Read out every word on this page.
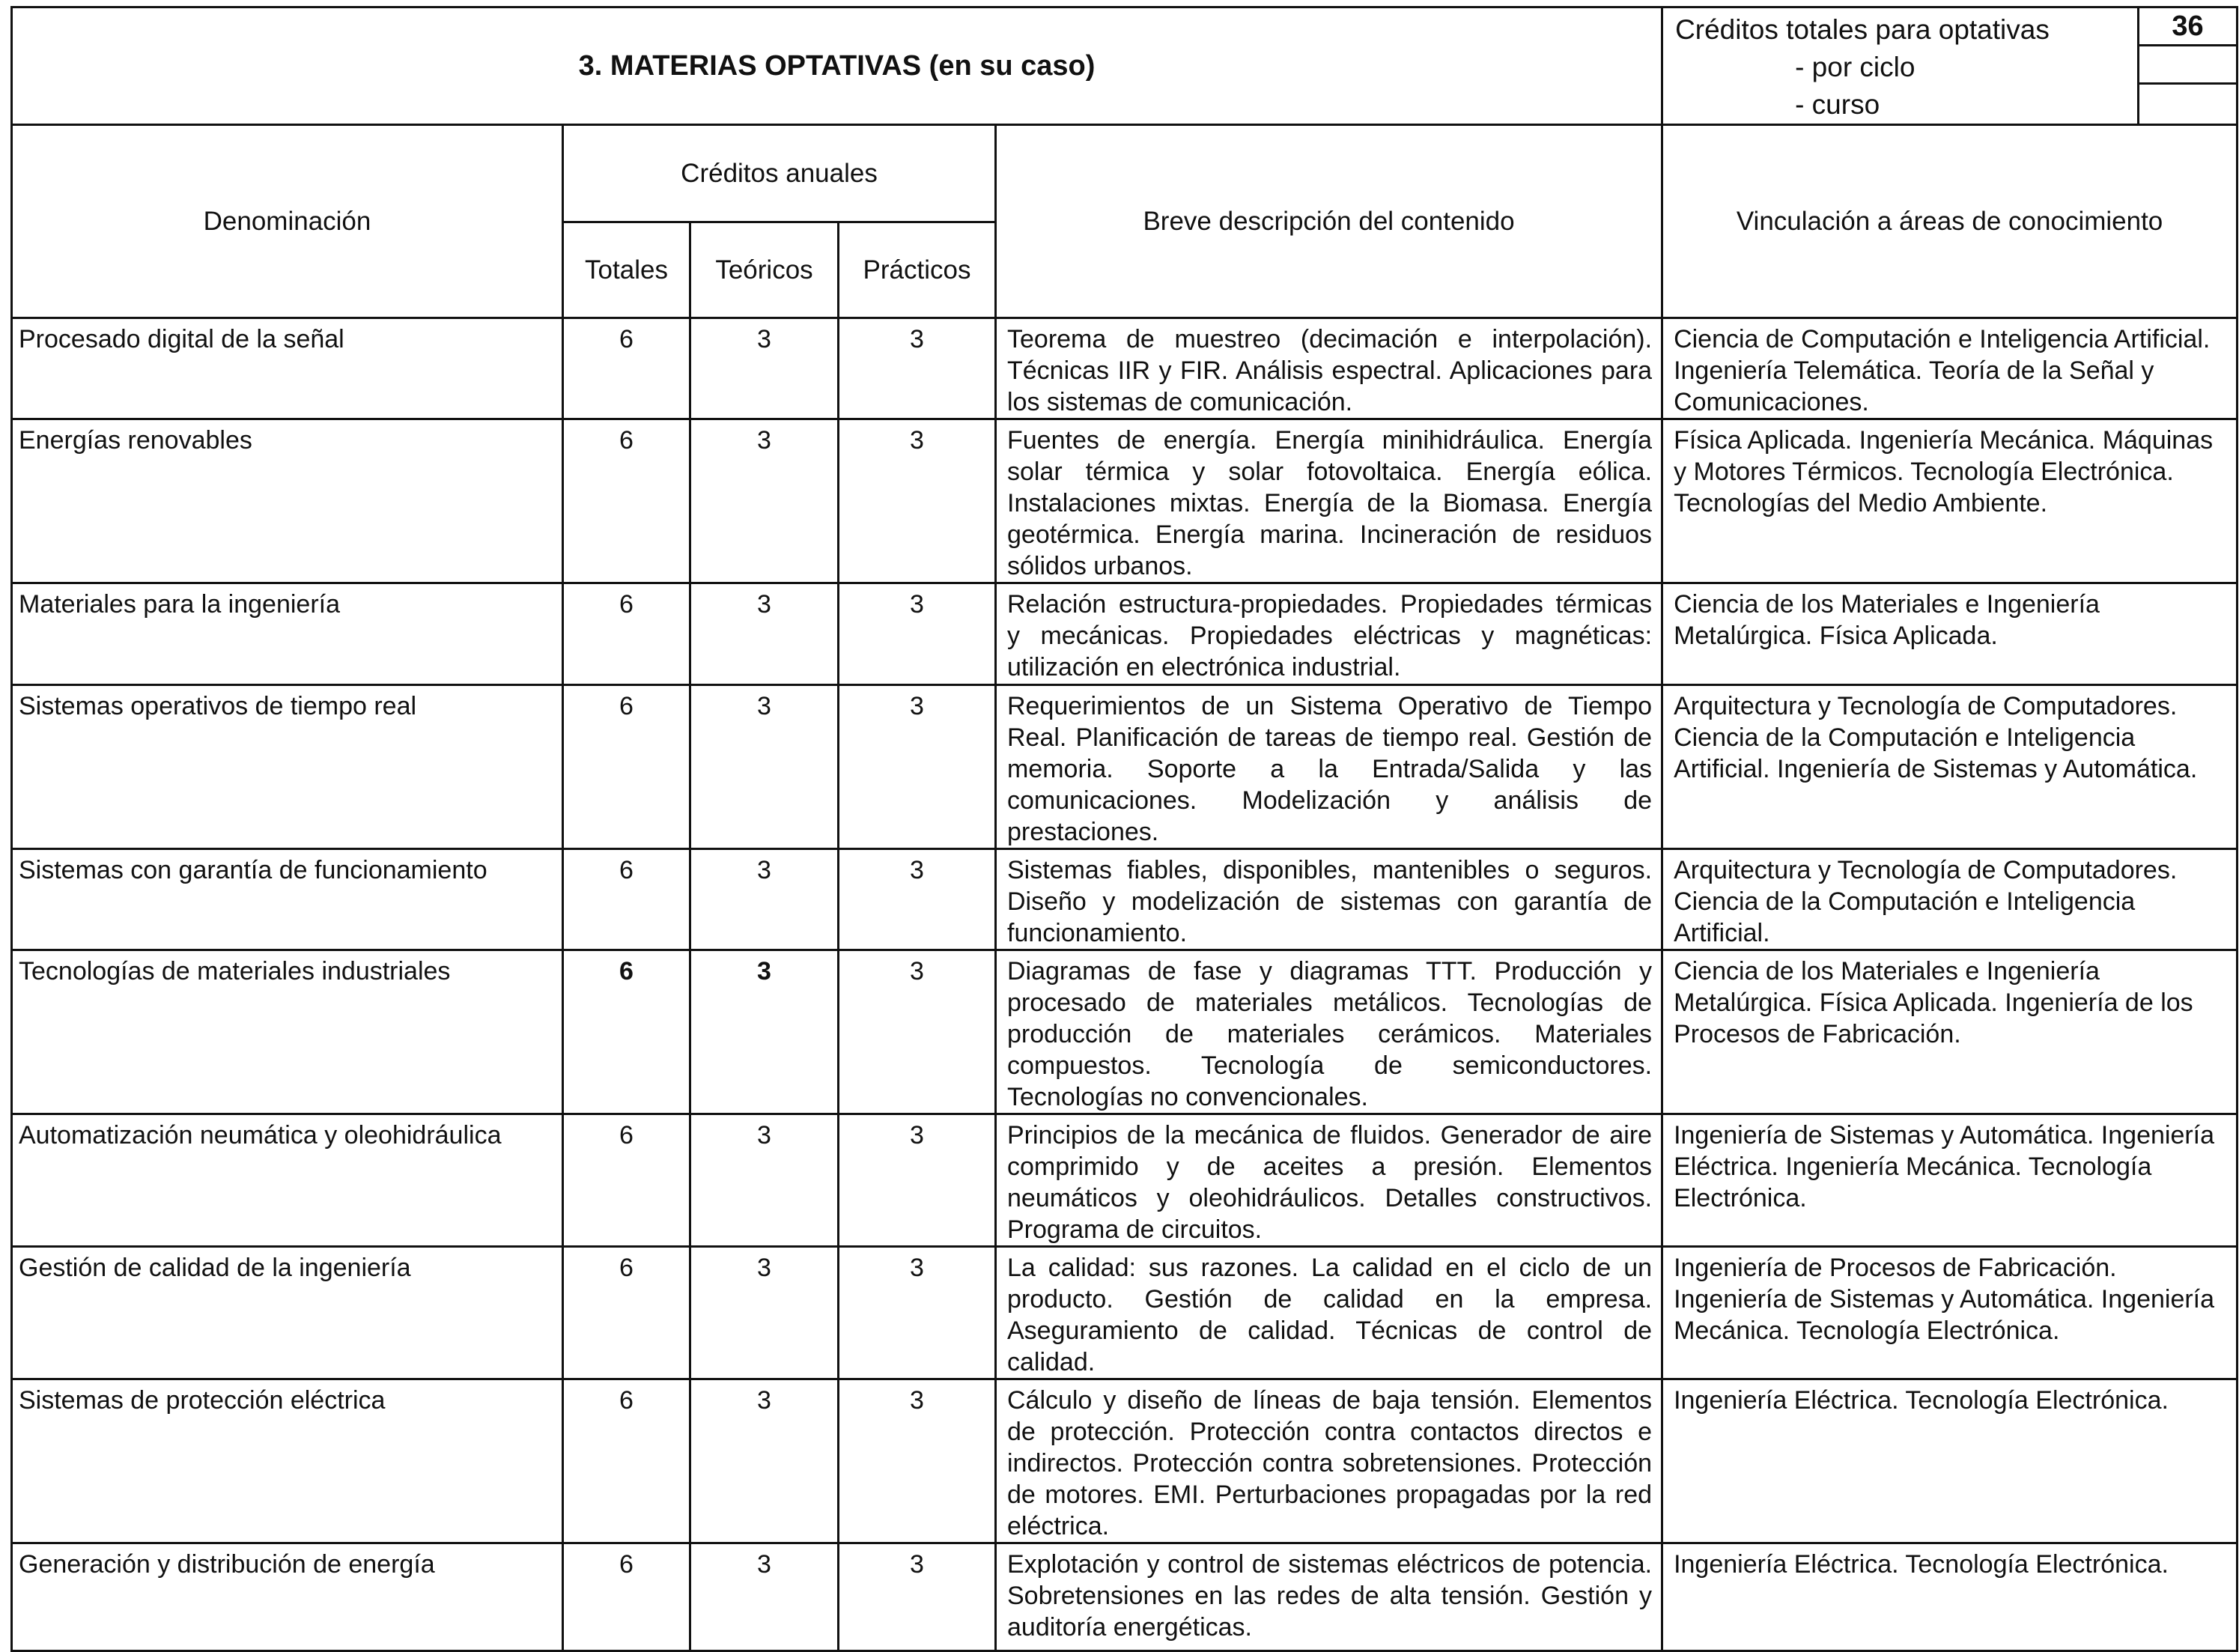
3. MATERIAS OPTATIVAS (en su caso)					Créditos totales para optativas
- por ciclo
- curso	36

Denominación	Créditos anuales			Breve descripción del contenido	Vinculación a áreas de conocimiento	
	Totales	Teóricos	Prácticos			
Procesado digital de la señal	6	3	3	Teorema de muestreo (decimación e interpolación). Técnicas IIR y FIR. Análisis espectral. Aplicaciones para los sistemas de comunicación.	Ciencia de Computación e Inteligencia Artificial. Ingeniería Telemática. Teoría de la Señal y Comunicaciones.	
Energías renovables	6	3	3	Fuentes de energía. Energía minihidráulica. Energía solar térmica y solar fotovoltaica. Energía eólica. Instalaciones mixtas. Energía de la Biomasa. Energía geotérmica. Energía marina. Incineración de residuos sólidos urbanos.	Física Aplicada. Ingeniería Mecánica. Máquinas y Motores Térmicos. Tecnología Electrónica. Tecnologías del Medio Ambiente.	
Materiales para la ingeniería	6	3	3	Relación estructura-propiedades. Propiedades térmicas y mecánicas. Propiedades eléctricas y magnéticas: utilización en electrónica industrial.	Ciencia de los Materiales e Ingeniería Metalúrgica. Física Aplicada.	
Sistemas operativos de tiempo real	6	3	3	Requerimientos de un Sistema Operativo de Tiempo Real. Planificación de tareas de tiempo real. Gestión de memoria. Soporte a la Entrada/Salida y las comunicaciones. Modelización y análisis de prestaciones.	Arquitectura y Tecnología de Computadores. Ciencia de la Computación e Inteligencia Artificial. Ingeniería de Sistemas y Automática.	
Sistemas con garantía de funcionamiento	6	3	3	Sistemas fiables, disponibles, mantenibles o seguros. Diseño y modelización de sistemas con garantía de funcionamiento.	Arquitectura y Tecnología de Computadores. Ciencia de la Computación e Inteligencia Artificial.	
Tecnologías de materiales industriales	6	3	3	Diagramas de fase y diagramas TTT. Producción y procesado de materiales metálicos. Tecnologías de producción de materiales cerámicos. Materiales compuestos. Tecnología de semiconductores. Tecnologías no convencionales.	Ciencia de los Materiales e Ingeniería Metalúrgica. Física Aplicada. Ingeniería de los Procesos de Fabricación.	
Automatización neumática y oleohidráulica	6	3	3	Principios de la mecánica de fluidos. Generador de aire comprimido y de aceites a presión. Elementos neumáticos y oleohidráulicos. Detalles constructivos. Programa de circuitos.	Ingeniería de Sistemas y Automática. Ingeniería Eléctrica. Ingeniería Mecánica. Tecnología Electrónica.	
Gestión de calidad de la ingeniería	6	3	3	La calidad: sus razones. La calidad en el ciclo de un producto. Gestión de calidad en la empresa. Aseguramiento de calidad. Técnicas de control de calidad.	Ingeniería de Procesos de Fabricación. Ingeniería de Sistemas y Automática. Ingeniería Mecánica. Tecnología Electrónica.	
Sistemas de protección eléctrica	6	3	3	Cálculo y diseño de líneas de baja tensión. Elementos de protección. Protección contra contactos directos e indirectos. Protección contra sobretensiones. Protección de motores. EMI. Perturbaciones propagadas por la red eléctrica.	Ingeniería Eléctrica. Tecnología Electrónica.	
Generación y distribución de energía	6	3	3	Explotación y control de sistemas eléctricos de potencia. Sobretensiones en las redes de alta tensión. Gestión y auditoría energéticas.	Ingeniería Eléctrica. Tecnología Electrónica.	
